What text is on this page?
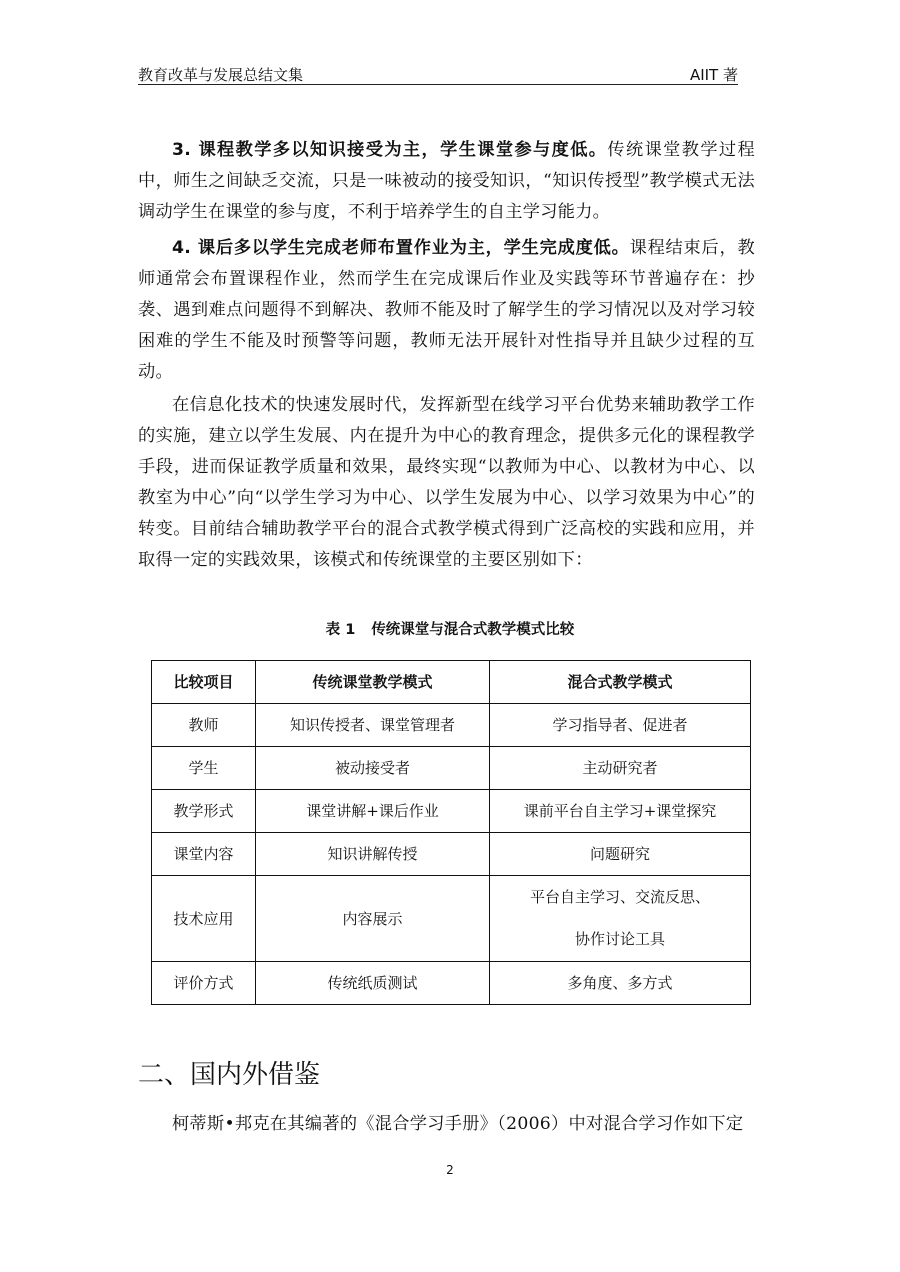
教育改革与发展总结文集	AIIT 著

3. 课程教学多以知识接受为主，学生课堂参与度低。传统课堂教学过程中，师生之间缺乏交流，只是一味被动的接受知识，“知识传授型”教学模式无法调动学生在课堂的参与度，不利于培养学生的自主学习能力。

4. 课后多以学生完成老师布置作业为主，学生完成度低。课程结束后，教师通常会布置课程作业，然而学生在完成课后作业及实践等环节普遍存在：抄袭、遇到难点问题得不到解决、教师不能及时了解学生的学习情况以及对学习较困难的学生不能及时预警等问题，教师无法开展针对性指导并且缺少过程的互动。

在信息化技术的快速发展时代，发挥新型在线学习平台优势来辅助教学工作的实施，建立以学生发展、内在提升为中心的教育理念，提供多元化的课程教学手段，进而保证教学质量和效果，最终实现“以教师为中心、以教材为中心、以教室为中心”向“以学生学习为中心、以学生发展为中心、以学习效果为中心”的转变。目前结合辅助教学平台的混合式教学模式得到广泛高校的实践和应用，并取得一定的实践效果，该模式和传统课堂的主要区别如下：

表 1 传统课堂与混合式教学模式比较
比较项目	传统课堂教学模式	混合式教学模式
教师	知识传授者、课堂管理者	学习指导者、促进者
学生	被动接受者	主动研究者
教学形式	课堂讲解+课后作业	课前平台自主学习+课堂探究
课堂内容	知识讲解传授	问题研究
技术应用	内容展示	平台自主学习、交流反思、
协作讨论工具

评价方式	传统纸质测试	多角度、多方式
二、国内外借鉴

柯蒂斯•邦克在其编著的《混合学习手册》（2006）中对混合学习作如下定

2
